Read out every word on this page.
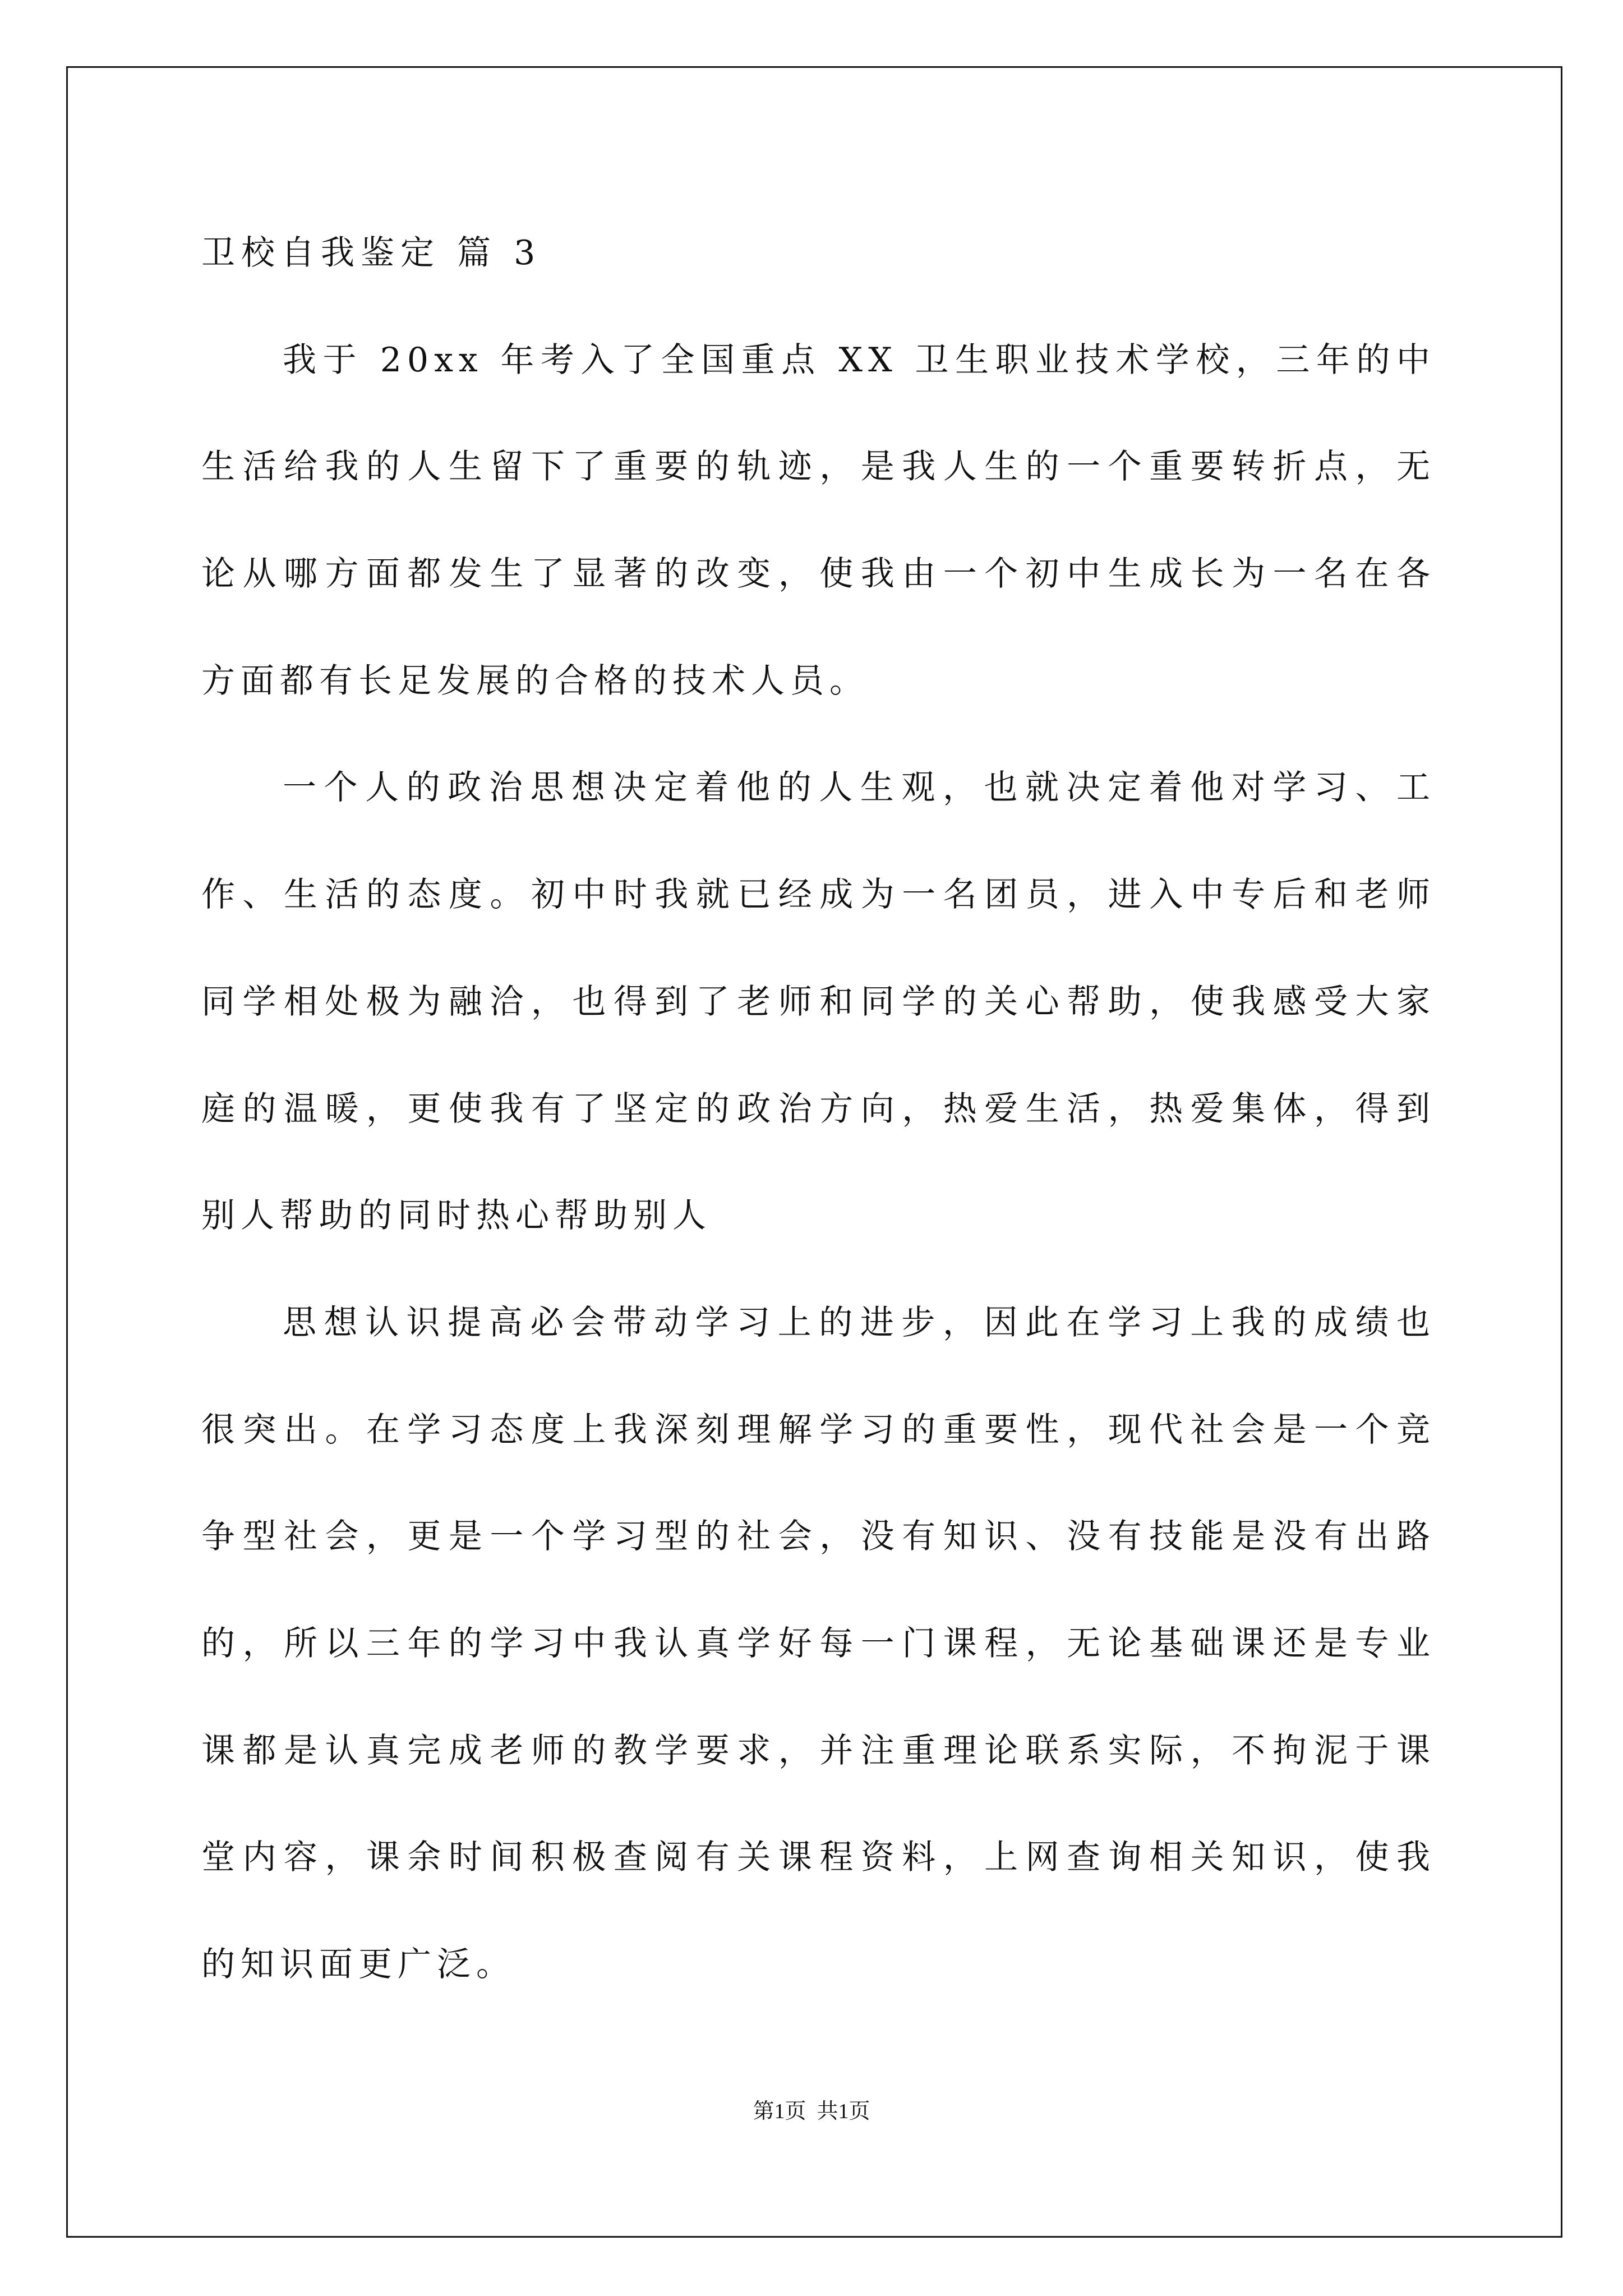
卫校自我鉴定 篇 3
我于 20xx 年考入了全国重点 XX 卫生职业技术学校，三年的中
生活给我的人生留下了重要的轨迹，是我人生的一个重要转折点，无
论从哪方面都发生了显著的改变，使我由一个初中生成长为一名在各
方面都有长足发展的合格的技术人员。
一个人的政治思想决定着他的人生观，也就决定着他对学习、工
作、生活的态度。初中时我就已经成为一名团员，进入中专后和老师
同学相处极为融洽，也得到了老师和同学的关心帮助，使我感受大家
庭的温暖，更使我有了坚定的政治方向，热爱生活，热爱集体，得到
别人帮助的同时热心帮助别人
思想认识提高必会带动学习上的进步，因此在学习上我的成绩也
很突出。在学习态度上我深刻理解学习的重要性，现代社会是一个竞
争型社会，更是一个学习型的社会，没有知识、没有技能是没有出路
的，所以三年的学习中我认真学好每一门课程，无论基础课还是专业
课都是认真完成老师的教学要求，并注重理论联系实际，不拘泥于课
堂内容，课余时间积极查阅有关课程资料，上网查询相关知识，使我
的知识面更广泛。
第1页  共1页
